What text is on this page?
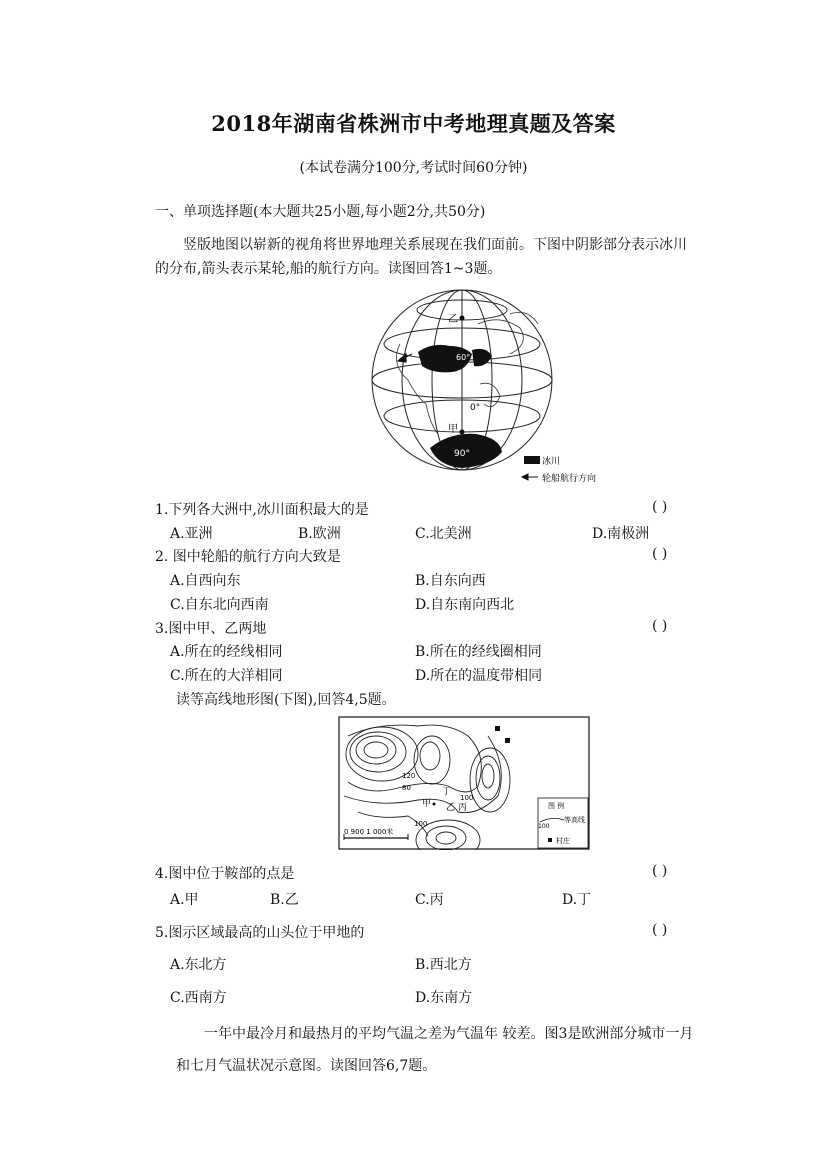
2018年湖南省株洲市中考地理真题及答案
(本试卷满分100分,考试时间60分钟)
一、单项选择题(本大题共25小题,每小题2分,共50分)
竖版地图以崭新的视角将世界地理关系展现在我们面前。下图中阴影部分表示冰川的分布,箭头表示某轮,船的航行方向。读图回答1~3题。
乙
60°
0°
甲
90°
冰川
轮船航行方向
1.下列各大洲中,冰川面积最大的是	( )
A.亚洲	B.欧洲	C.北美洲	D.南极洲
2. 图中轮船的航行方向大致是	( )
A.自西向东	B.自东向西
C.自东北向西南	D.自东南向西北
3.图中甲、乙两地	( )
A.所在的经线相同	B.所在的经线圈相同
C.所在的大洋相同	D.所在的温度带相同
读等高线地形图(下图),回答4,5题。
甲 乙 丙
丁
100
100
120
80
0 900 1 000米
图 例
100
等高线
村庄
4.图中位于鞍部的点是	( )
A.甲	B.乙	C.丙	D.丁
5.图示区域最高的山头位于甲地的	( )
A.东北方	B.西北方
C.西南方	D.东南方
一年中最冷月和最热月的平均气温之差为气温年 较差。图3是欧洲部分城市一月和七月气温状况示意图。读图回答6,7题。
